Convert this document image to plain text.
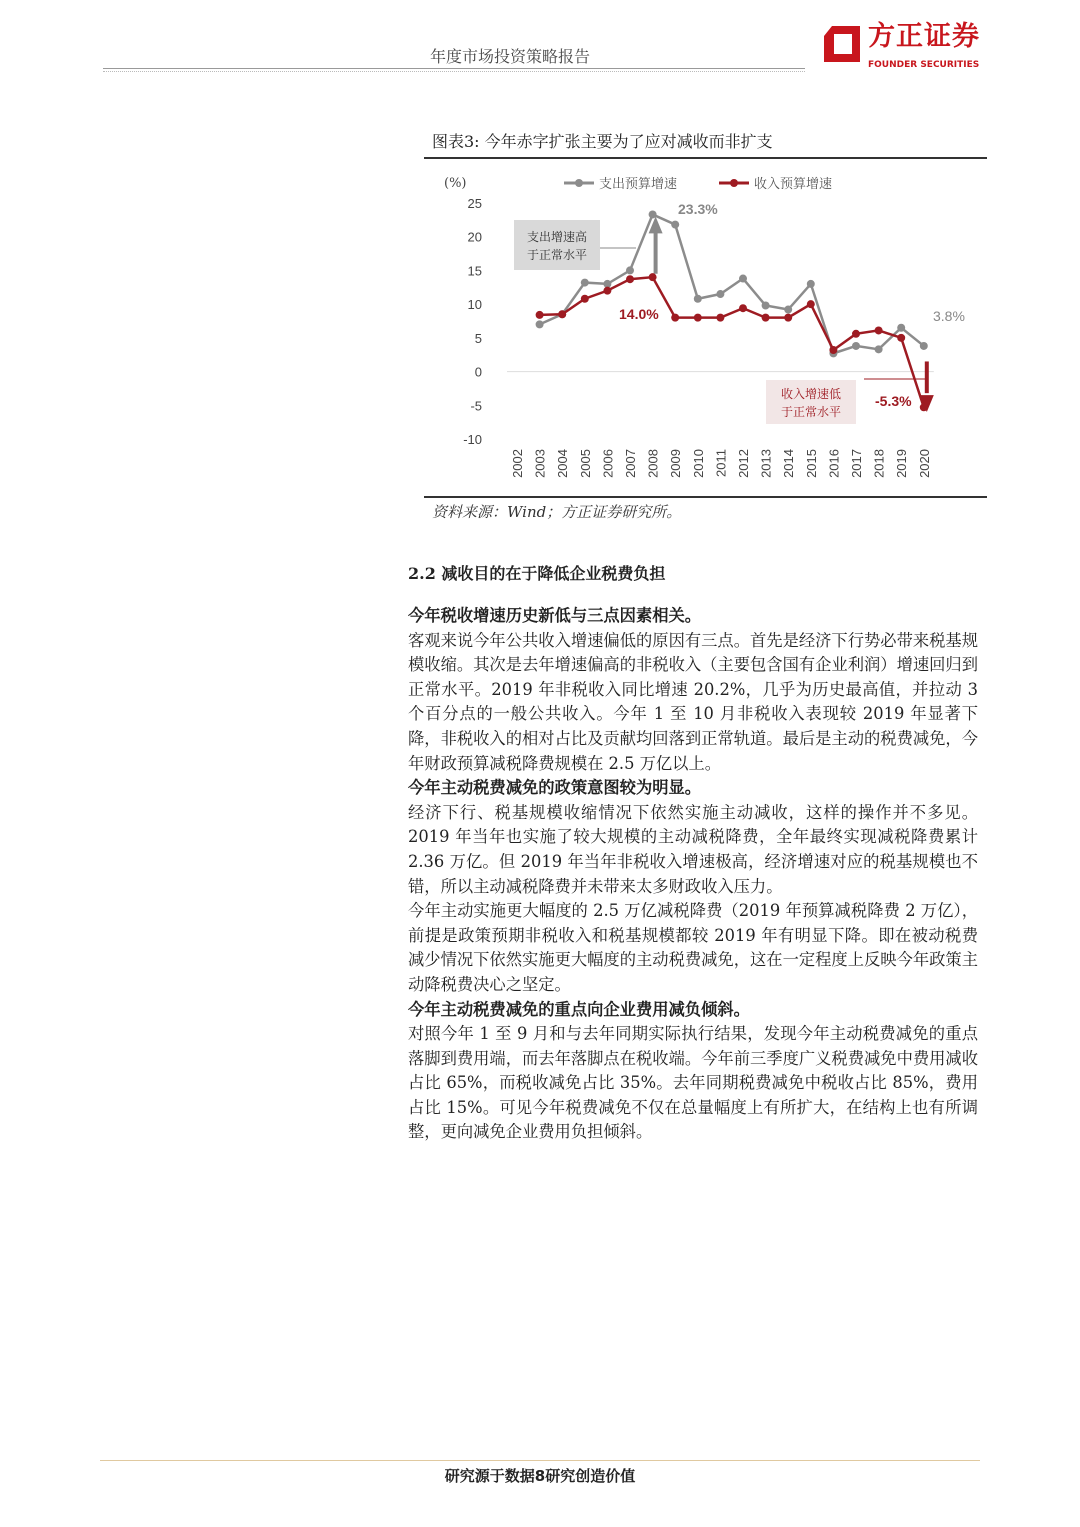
年度市场投资策略报告
方正证券
FOUNDER SECURITIES
图表3: 今年赤字扩张主要为了应对减收而非扩支
(%)
25
20
15
10
5
0
-5
-10
2002 2003 2004 2005 2006 2007 2008 2009 2010 2011 2012 2013 2014 2015 2016 2017 2018 2019 2020
支出预算增速	收入预算增速
支出增速高
于正常水平
收入增速低
于正常水平
23.3%
14.0%	3.8%
-5.3%
资料来源：Wind；方正证券研究所。
2.2 减收目的在于降低企业税费负担

今年税收增速历史新低与三点因素相关。

客观来说今年公共收入增速偏低的原因有三点。首先是经济下行势必带来税基规模收缩。其次是去年增速偏高的非税收入（主要包含国有企业利润）增速回归到正常水平。2019 年非税收入同比增速 20.2%，几乎为历史最高值，并拉动 3 个百分点的一般公共收入。今年 1 至 10 月非税收入表现较 2019 年显著下降，非税收入的相对占比及贡献均回落到正常轨道。最后是主动的税费减免，今年财政预算减税降费规模在 2.5 万亿以上。

今年主动税费减免的政策意图较为明显。

经济下行、税基规模收缩情况下依然实施主动减收，这样的操作并不多见。2019 年当年也实施了较大规模的主动减税降费，全年最终实现减税降费累计 2.36 万亿。但 2019 年当年非税收入增速极高，经济增速对应的税基规模也不错，所以主动减税降费并未带来太多财政收入压力。

今年主动实施更大幅度的 2.5 万亿减税降费（2019 年预算减税降费 2 万亿），前提是政策预期非税收入和税基规模都较 2019 年有明显下降。即在被动税费减少情况下依然实施更大幅度的主动税费减免，这在一定程度上反映今年政策主动降税费决心之坚定。

今年主动税费减免的重点向企业费用减负倾斜。

对照今年 1 至 9 月和与去年同期实际执行结果，发现今年主动税费减免的重点落脚到费用端，而去年落脚点在税收端。今年前三季度广义税费减免中费用减收占比 65%，而税收减免占比 35%。去年同期税费减免中税收占比 85%，费用占比 15%。可见今年税费减免不仅在总量幅度上有所扩大，在结构上也有所调整，更向减免企业费用负担倾斜。

研究源于数据8研究创造价值
